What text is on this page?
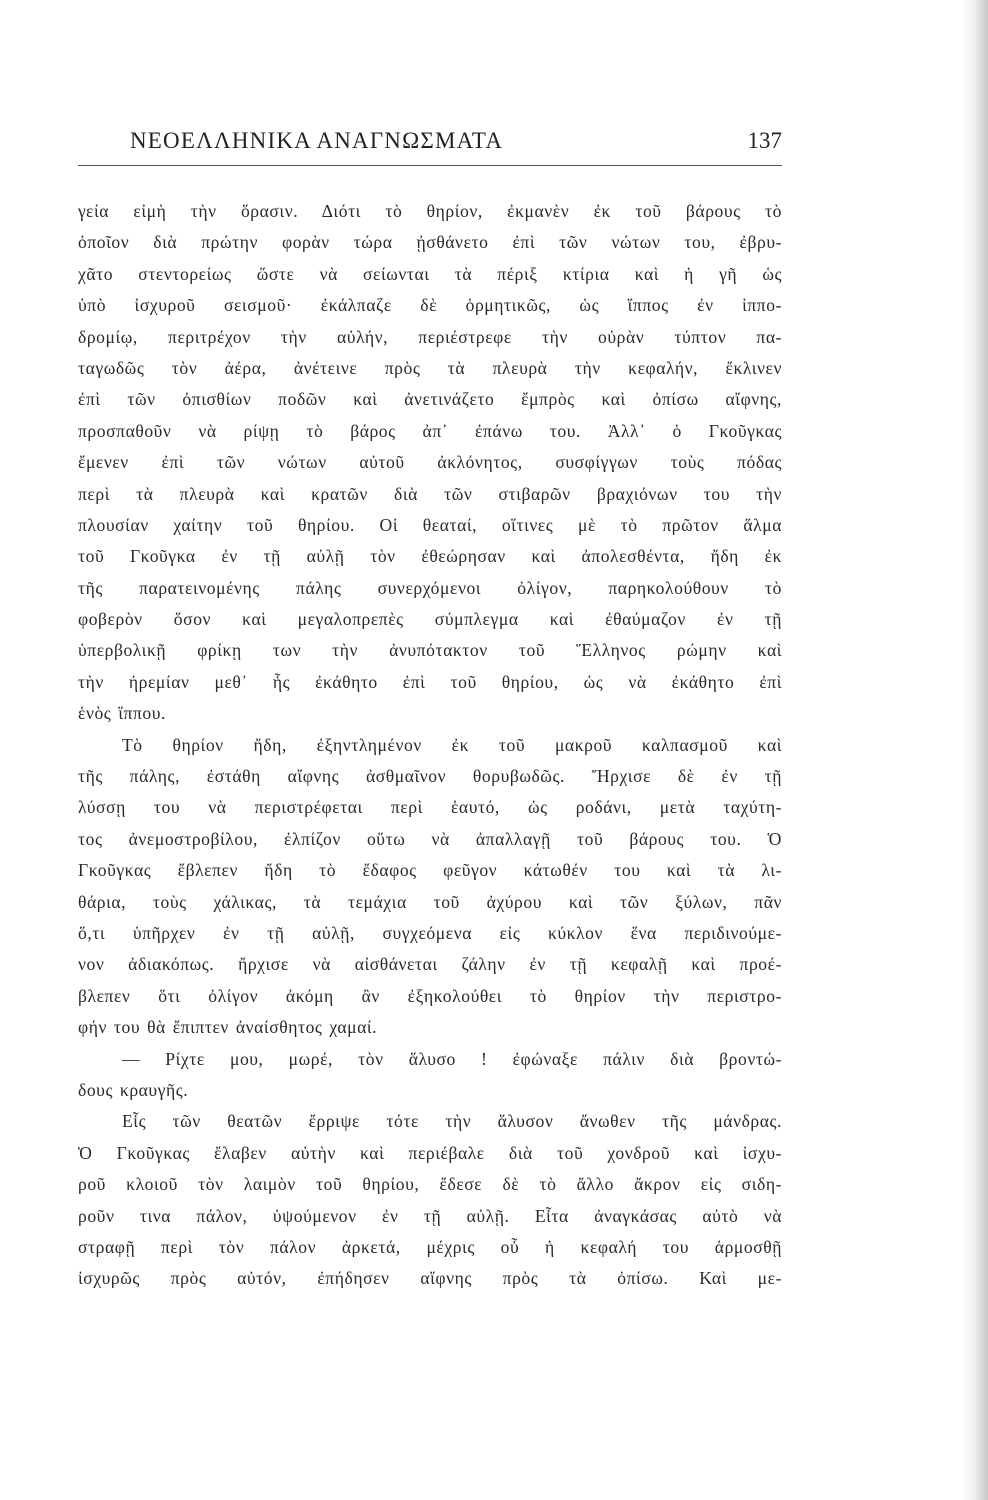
ΝΕΟΕΛΛΗΝΙΚΑ ΑΝΑΓΝΩΣΜΑΤΑ	137
γεία εἰμὴ τὴν ὅρασιν. Διότι τὸ θηρίον, ἐκμανὲν ἐκ τοῦ βάρους τὸ
ὁποῖον διὰ πρώτην φορὰν τώρα ᾐσθάνετο ἐπὶ τῶν νώτων του, ἐβρυ-
χᾶτο στεντορείως ὥστε νὰ σείωνται τὰ πέριξ κτίρια καὶ ἡ γῆ ὡς
ὑπὸ ἰσχυροῦ σεισμοῦ· ἐκάλπαζε δὲ ὁρμητικῶς, ὡς ἵππος ἐν ἱππο-
δρομίῳ, περιτρέχον τὴν αὐλήν, περιέστρεφε τὴν οὐρὰν τύπτον πα-
ταγωδῶς τὸν ἀέρα, ἀνέτεινε πρὸς τὰ πλευρὰ τὴν κεφαλήν, ἔκλινεν
ἐπὶ τῶν ὀπισθίων ποδῶν καὶ ἀνετινάζετο ἔμπρὸς καὶ ὀπίσω αἴφνης,
προσπαθοῦν νὰ ρίψῃ τὸ βάρος ἀπ᾽ ἐπάνω του. Ἀλλ᾽ ὁ Γκοῦγκας
ἔμενεν ἐπὶ τῶν νώτων αὐτοῦ ἀκλόνητος, συσφίγγων τοὺς πόδας
περὶ τὰ πλευρὰ καὶ κρατῶν διὰ τῶν στιβαρῶν βραχιόνων του τὴν
πλουσίαν χαίτην τοῦ θηρίου. Οἱ θεαταί, οἵτινες μὲ τὸ πρῶτον ἅλμα
τοῦ Γκοῦγκα ἐν τῇ αὐλῇ τὸν ἐθεώρησαν καὶ ἀπολεσθέντα, ἤδη ἐκ
τῆς παρατεινομένης πάλης συνερχόμενοι ὀλίγον, παρηκολούθουν τὸ
φοβερὸν ὅσον καὶ μεγαλοπρεπὲς σύμπλεγμα καὶ ἐθαύμαζον ἐν τῇ
ὑπερβολικῇ φρίκῃ των τὴν ἀνυπότακτον τοῦ Ἕλληνος ρώμην καὶ
τὴν ἠρεμίαν μεθ᾽ ἧς ἐκάθητο ἐπὶ τοῦ θηρίου, ὡς νὰ ἐκάθητο ἐπὶ
ἑνὸς ἵππου.
Τὸ θηρίον ἤδη, ἐξηντλημένον ἐκ τοῦ μακροῦ καλπασμοῦ καὶ
τῆς πάλης, ἐστάθη αἴφνης ἀσθμαῖνον θορυβωδῶς. Ἤρχισε δὲ ἐν τῇ
λύσσῃ του νὰ περιστρέφεται περὶ ἑαυτό, ὡς ροδάνι, μετὰ ταχύτη-
τος ἀνεμοστροβίλου, ἐλπίζον οὕτω νὰ ἀπαλλαγῇ τοῦ βάρους του. Ὁ
Γκοῦγκας ἔβλεπεν ἤδη τὸ ἔδαφος φεῦγον κάτωθέν του καὶ τὰ λι-
θάρια, τοὺς χάλικας, τὰ τεμάχια τοῦ ἀχύρου καὶ τῶν ξύλων, πᾶν
ὅ,τι ὑπῆρχεν ἐν τῇ αὐλῇ, συγχεόμενα εἰς κύκλον ἕνα περιδινούμε-
νον ἀδιακόπως. ἤρχισε νὰ αἰσθάνεται ζάλην ἐν τῇ κεφαλῇ καὶ προέ-
βλεπεν ὅτι ὀλίγον ἀκόμη ἂν ἐξηκολούθει τὸ θηρίον τὴν περιστρο-
φήν του θὰ ἔπιπτεν ἀναίσθητος χαμαί.
— Ρίχτε μου, μωρέ, τὸν ἅλυσο ! ἐφώναξε πάλιν διὰ βροντώ-
δους κραυγῆς.
Εἷς τῶν θεατῶν ἔρριψε τότε τὴν ἅλυσον ἄνωθεν τῆς μάνδρας.
Ὁ Γκοῦγκας ἔλαβεν αὐτὴν καὶ περιέβαλε διὰ τοῦ χονδροῦ καὶ ἰσχυ-
ροῦ κλοιοῦ τὸν λαιμὸν τοῦ θηρίου, ἔδεσε δὲ τὸ ἄλλο ἄκρον εἰς σιδη-
ροῦν τινα πάλον, ὑψούμενον ἐν τῇ αὐλῇ. Εἶτα ἀναγκάσας αὐτὸ νὰ
στραφῇ περὶ τὸν πάλον ἀρκετά, μέχρις οὗ ἡ κεφαλή του ἁρμοσθῇ
ἰσχυρῶς πρὸς αὐτόν, ἐπήδησεν αἴφνης πρὸς τὰ ὀπίσω. Καὶ με-
